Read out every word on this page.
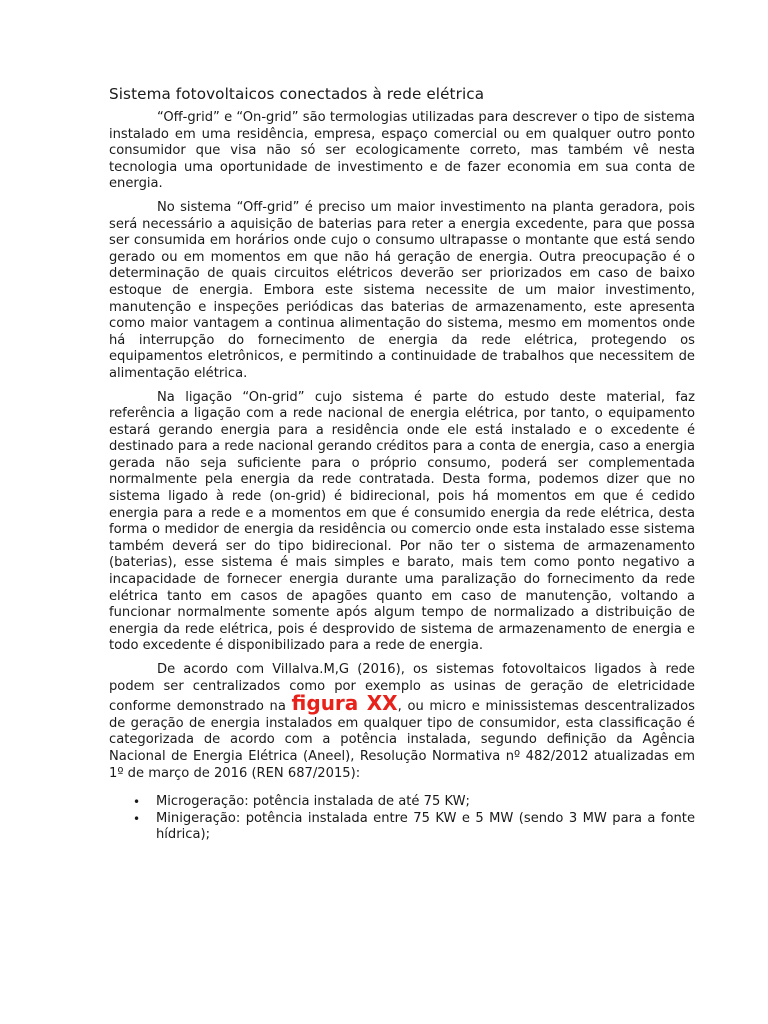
Sistema fotovoltaicos conectados à rede elétrica

“Off-grid” e “On-grid” são termologias utilizadas para descrever o tipo de sistema instalado em uma residência, empresa, espaço comercial ou em qualquer outro ponto consumidor que visa não só ser ecologicamente correto, mas também vê nesta tecnologia uma oportunidade de investimento e de fazer economia em sua conta de energia.

No sistema “Off-grid” é preciso um maior investimento na planta geradora, pois será necessário a aquisição de baterias para reter a energia excedente, para que possa ser consumida em horários onde cujo o consumo ultrapasse o montante que está sendo gerado ou em momentos em que não há geração de energia. Outra preocupação é o determinação de quais circuitos elétricos deverão ser priorizados em caso de baixo estoque de energia. Embora este sistema necessite de um maior investimento, manutenção e inspeções periódicas das baterias de armazenamento, este apresenta como maior vantagem a continua alimentação do sistema, mesmo em momentos onde há interrupção do fornecimento de energia da rede elétrica, protegendo os equipamentos eletrônicos, e permitindo a continuidade de trabalhos que necessitem de alimentação elétrica.

Na ligação “On-grid” cujo sistema é parte do estudo deste material, faz referência a ligação com a rede nacional de energia elétrica, por tanto, o equipamento estará gerando energia para a residência onde ele está instalado e o excedente é destinado para a rede nacional gerando créditos para a conta de energia, caso a energia gerada não seja suficiente para o próprio consumo, poderá ser complementada normalmente pela energia da rede contratada. Desta forma, podemos dizer que no sistema ligado à rede (on-grid) é bidirecional, pois há momentos em que é cedido energia para a rede e a momentos em que é consumido energia da rede elétrica, desta forma o medidor de energia da residência ou comercio onde esta instalado esse sistema também deverá ser do tipo bidirecional. Por não ter o sistema de armazenamento (baterias), esse sistema é mais simples e barato, mais tem como ponto negativo a incapacidade de fornecer energia durante uma paralização do fornecimento da rede elétrica tanto em casos de apagões quanto em caso de manutenção, voltando a funcionar normalmente somente após algum tempo de normalizado a distribuição de energia da rede elétrica, pois é desprovido de sistema de armazenamento de energia e todo excedente é disponibilizado para a rede de energia.

De acordo com Villalva.M,G (2016), os sistemas fotovoltaicos ligados à rede podem ser centralizados como por exemplo as usinas de geração de eletricidade conforme demonstrado na figura XX, ou micro e minissistemas descentralizados de geração de energia instalados em qualquer tipo de consumidor, esta classificação é categorizada de acordo com a potência instalada, segundo definição da Agência Nacional de Energia Elétrica (Aneel), Resolução Normativa nº 482/2012 atualizadas em 1º de março de 2016 (REN 687/2015):

• Microgeração: potência instalada de até 75 KW;
• Minigeração: potência instalada entre 75 KW e 5 MW (sendo 3 MW para a fonte hídrica);
